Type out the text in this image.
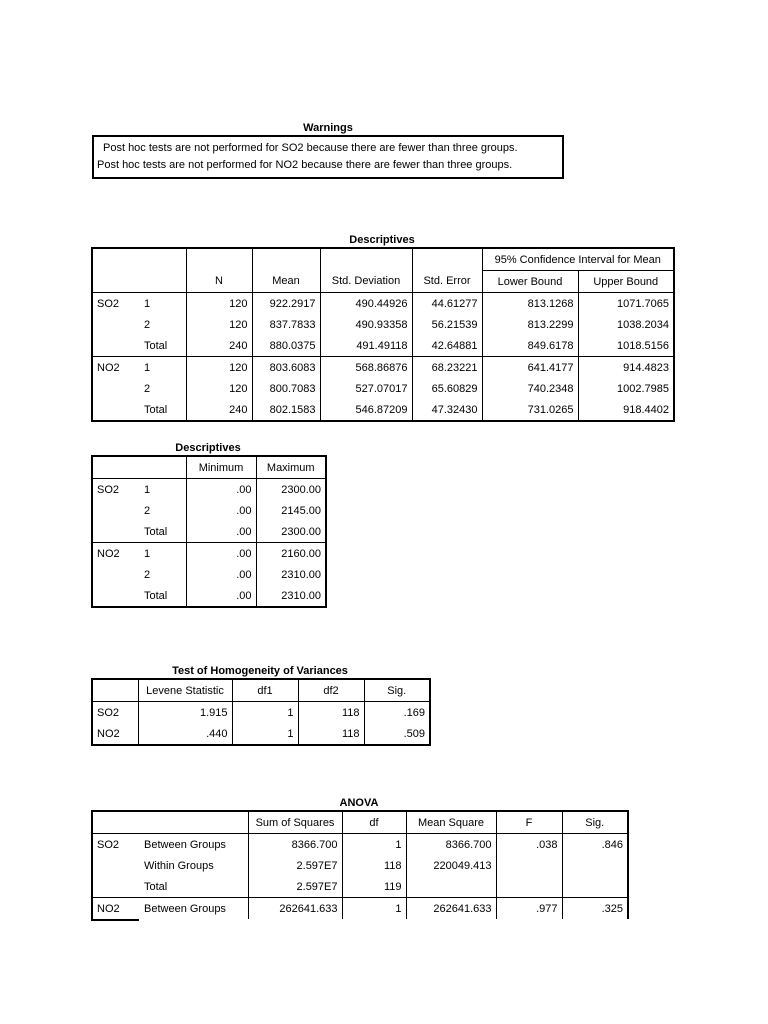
Warnings
Post hoc tests are not performed for SO2 because there are fewer than three groups.
Post hoc tests are not performed for NO2 because there are fewer than three groups.
Descriptives
						95% Confidence Interval for Mean	
		N	Mean	Std. Deviation	Std. Error	Lower Bound	Upper Bound
SO2	1	120	922.2917	490.44926	44.61277	813.1268	1071.7065
	2	120	837.7833	490.93358	56.21539	813.2299	1038.2034
	Total	240	880.0375	491.49118	42.64881	849.6178	1018.5156
NO2	1	120	803.6083	568.86876	68.23221	641.4177	914.4823
	2	120	800.7083	527.07017	65.60829	740.2348	1002.7985
	Total	240	802.1583	546.87209	47.32430	731.0265	918.4402
Descriptives
		Minimum	Maximum
SO2	1	.00	2300.00
	2	.00	2145.00
	Total	.00	2300.00
NO2	1	.00	2160.00
	2	.00	2310.00
	Total	.00	2310.00
Test of Homogeneity of Variances
	Levene Statistic	df1	df2	Sig.
SO2	1.915	1	118	.169
NO2	.440	1	118	.509
ANOVA
		Sum of Squares	df	Mean Square	F	Sig.
SO2	Between Groups	8366.700	1	8366.700	.038	.846
	Within Groups	2.597E7	118	220049.413		
	Total	2.597E7	119			
NO2	Between Groups	262641.633	1	262641.633	.977	.325
